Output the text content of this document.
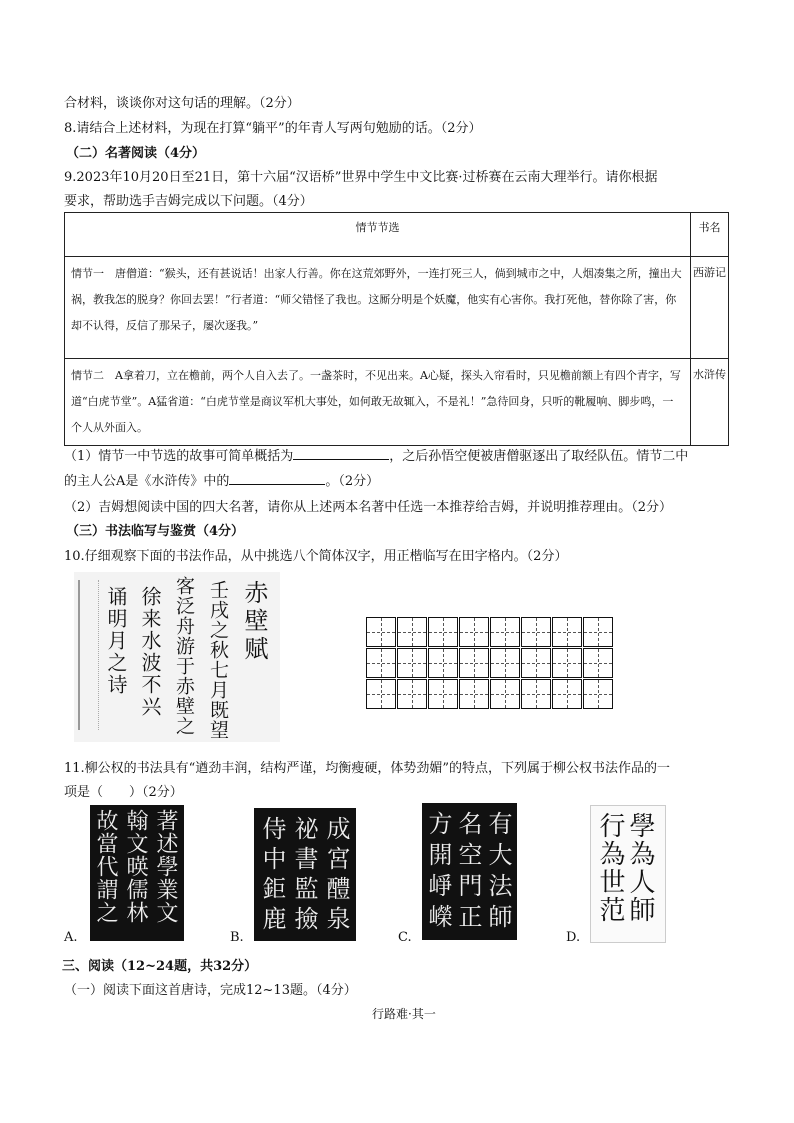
合材料，谈谈你对这句话的理解。（2分）
8.请结合上述材料，为现在打算“躺平”的年青人写两句勉励的话。（2分）
（二）名著阅读（4分）
9.2023年10月20日至21日，第十六届“汉语桥”世界中学生中文比赛·过桥赛在云南大理举行。请你根据
要求，帮助选手吉姆完成以下问题。（4分）
情节节选	书名
情节一　唐僧道：“猴头，还有甚说话！出家人行善。你在这荒郊野外，一连打死三人，倘到城市之中，人烟凑集之所，撞出大祸，教我怎的脱身？你回去罢！”行者道：“师父错怪了我也。这厮分明是个妖魔，他实有心害你。我打死他，替你除了害，你却不认得，反信了那呆子，屡次逐我。”	西游记
情节二　A拿着刀，立在檐前，两个人自入去了。一盏茶时，不见出来。A心疑，探头入帘看时，只见檐前额上有四个青字，写道“白虎节堂”。A猛省道：“白虎节堂是商议军机大事处，如何敢无故辄入，不是礼！”急待回身，只听的靴履响、脚步鸣，一个人从外面入。	水浒传
（1）情节一中节选的故事可简单概括为	，之后孙悟空便被唐僧驱逐出了取经队伍。情节二中
的主人公A是《水浒传》中的	。（2分）
（2）吉姆想阅读中国的四大名著，请你从上述两本名著中任选一本推荐给吉姆，并说明推荐理由。（2分）
（三）书法临写与鉴赏（4分）
10.仔细观察下面的书法作品，从中挑选八个简体汉字，用正楷临写在田字格内。（2分）
赤壁赋
壬戌之秋七月既望
客泛舟游于赤壁之
徐来水波不兴
诵明月之诗
11.柳公权的书法具有“遒劲丰润，结构严谨，均衡瘦硬，体势劲媚”的特点，下列属于柳公权书法作品的一
项是（　　）（2分）
A.
著述學業文
翰文暎儒林
故當代謂之
B.
成宮醴泉
祕書監撿
侍中鉅鹿
C.
有大法師
名空門正
方開崢嶸
D.
學為人師
行為世范
三、阅读（12~24题，共32分）
（一）阅读下面这首唐诗，完成12~13题。（4分）
行路难·其一
